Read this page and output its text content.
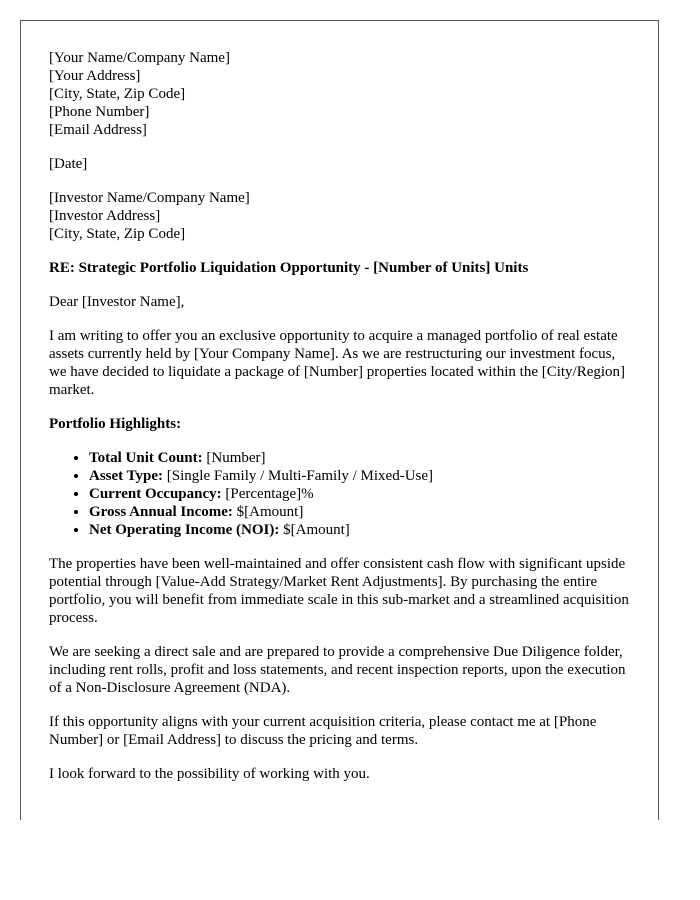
[Your Name/Company Name]
[Your Address]
[City, State, Zip Code]
[Phone Number]
[Email Address]
[Date]
[Investor Name/Company Name]
[Investor Address]
[City, State, Zip Code]
RE: Strategic Portfolio Liquidation Opportunity - [Number of Units] Units

Dear [Investor Name],

I am writing to offer you an exclusive opportunity to acquire a managed portfolio of real estate assets currently held by [Your Company Name]. As we are restructuring our investment focus, we have decided to liquidate a package of [Number] properties located within the [City/Region] market.

Portfolio Highlights:
• Total Unit Count: [Number]
• Asset Type: [Single Family / Multi-Family / Mixed-Use]
• Current Occupancy: [Percentage]%
• Gross Annual Income: $[Amount]
• Net Operating Income (NOI): $[Amount]

The properties have been well-maintained and offer consistent cash flow with significant upside potential through [Value-Add Strategy/Market Rent Adjustments]. By purchasing the entire portfolio, you will benefit from immediate scale in this sub-market and a streamlined acquisition process.

We are seeking a direct sale and are prepared to provide a comprehensive Due Diligence folder, including rent rolls, profit and loss statements, and recent inspection reports, upon the execution of a Non-Disclosure Agreement (NDA).

If this opportunity aligns with your current acquisition criteria, please contact me at [Phone Number] or [Email Address] to discuss the pricing and terms.

I look forward to the possibility of working with you.
